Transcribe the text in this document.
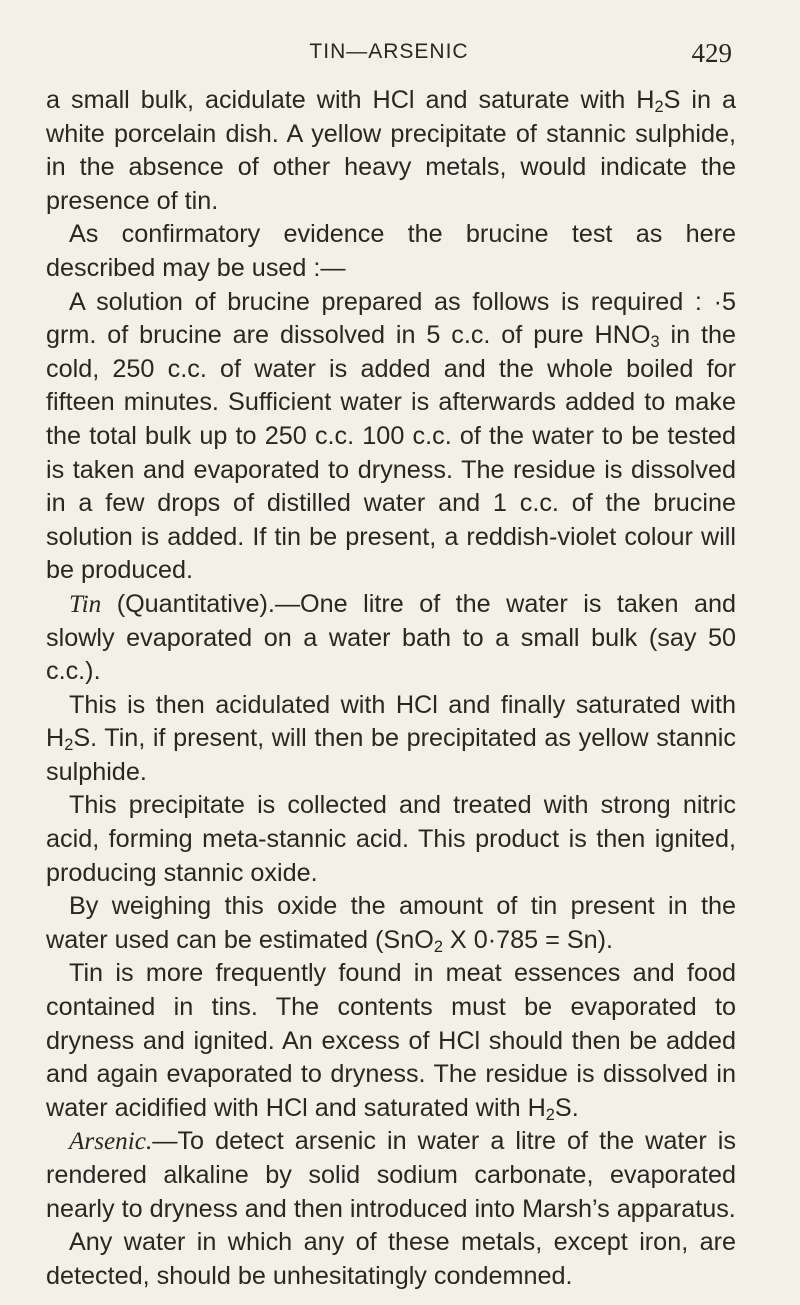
TIN—ARSENIC	429

a small bulk, acidulate with HCl and saturate with $H_2S$ in a white porcelain dish. A yellow precipitate of stannic sulphide, in the absence of other heavy metals, would indicate the presence of tin.

As confirmatory evidence the brucine test as here described may be used :—

A solution of brucine prepared as follows is required : ·5 grm. of brucine are dissolved in 5 c.c. of pure $HNO_3$ in the cold, 250 c.c. of water is added and the whole boiled for fifteen minutes. Sufficient water is afterwards added to make the total bulk up to 250 c.c. 100 c.c. of the water to be tested is taken and evaporated to dryness. The residue is dissolved in a few drops of distilled water and 1 c.c. of the brucine solution is added. If tin be present, a reddish-violet colour will be produced.

Tin (Quantitative).—One litre of the water is taken and slowly evaporated on a water bath to a small bulk (say 50 c.c.).

This is then acidulated with HCl and finally saturated with $H_2S$. Tin, if present, will then be precipitated as yellow stannic sulphide.

This precipitate is collected and treated with strong nitric acid, forming meta-stannic acid. This product is then ignited, producing stannic oxide.

By weighing this oxide the amount of tin present in the water used can be estimated (SnO$_2$ X 0·785 = Sn).

Tin is more frequently found in meat essences and food contained in tins. The contents must be evaporated to dryness and ignited. An excess of HCl should then be added and again evaporated to dryness. The residue is dissolved in water acidified with HCl and saturated with $H_2S$.

Arsenic.—To detect arsenic in water a litre of the water is rendered alkaline by solid sodium carbonate, evaporated nearly to dryness and then introduced into Marsh’s apparatus.

Any water in which any of these metals, except iron, are detected, should be unhesitatingly condemned.
